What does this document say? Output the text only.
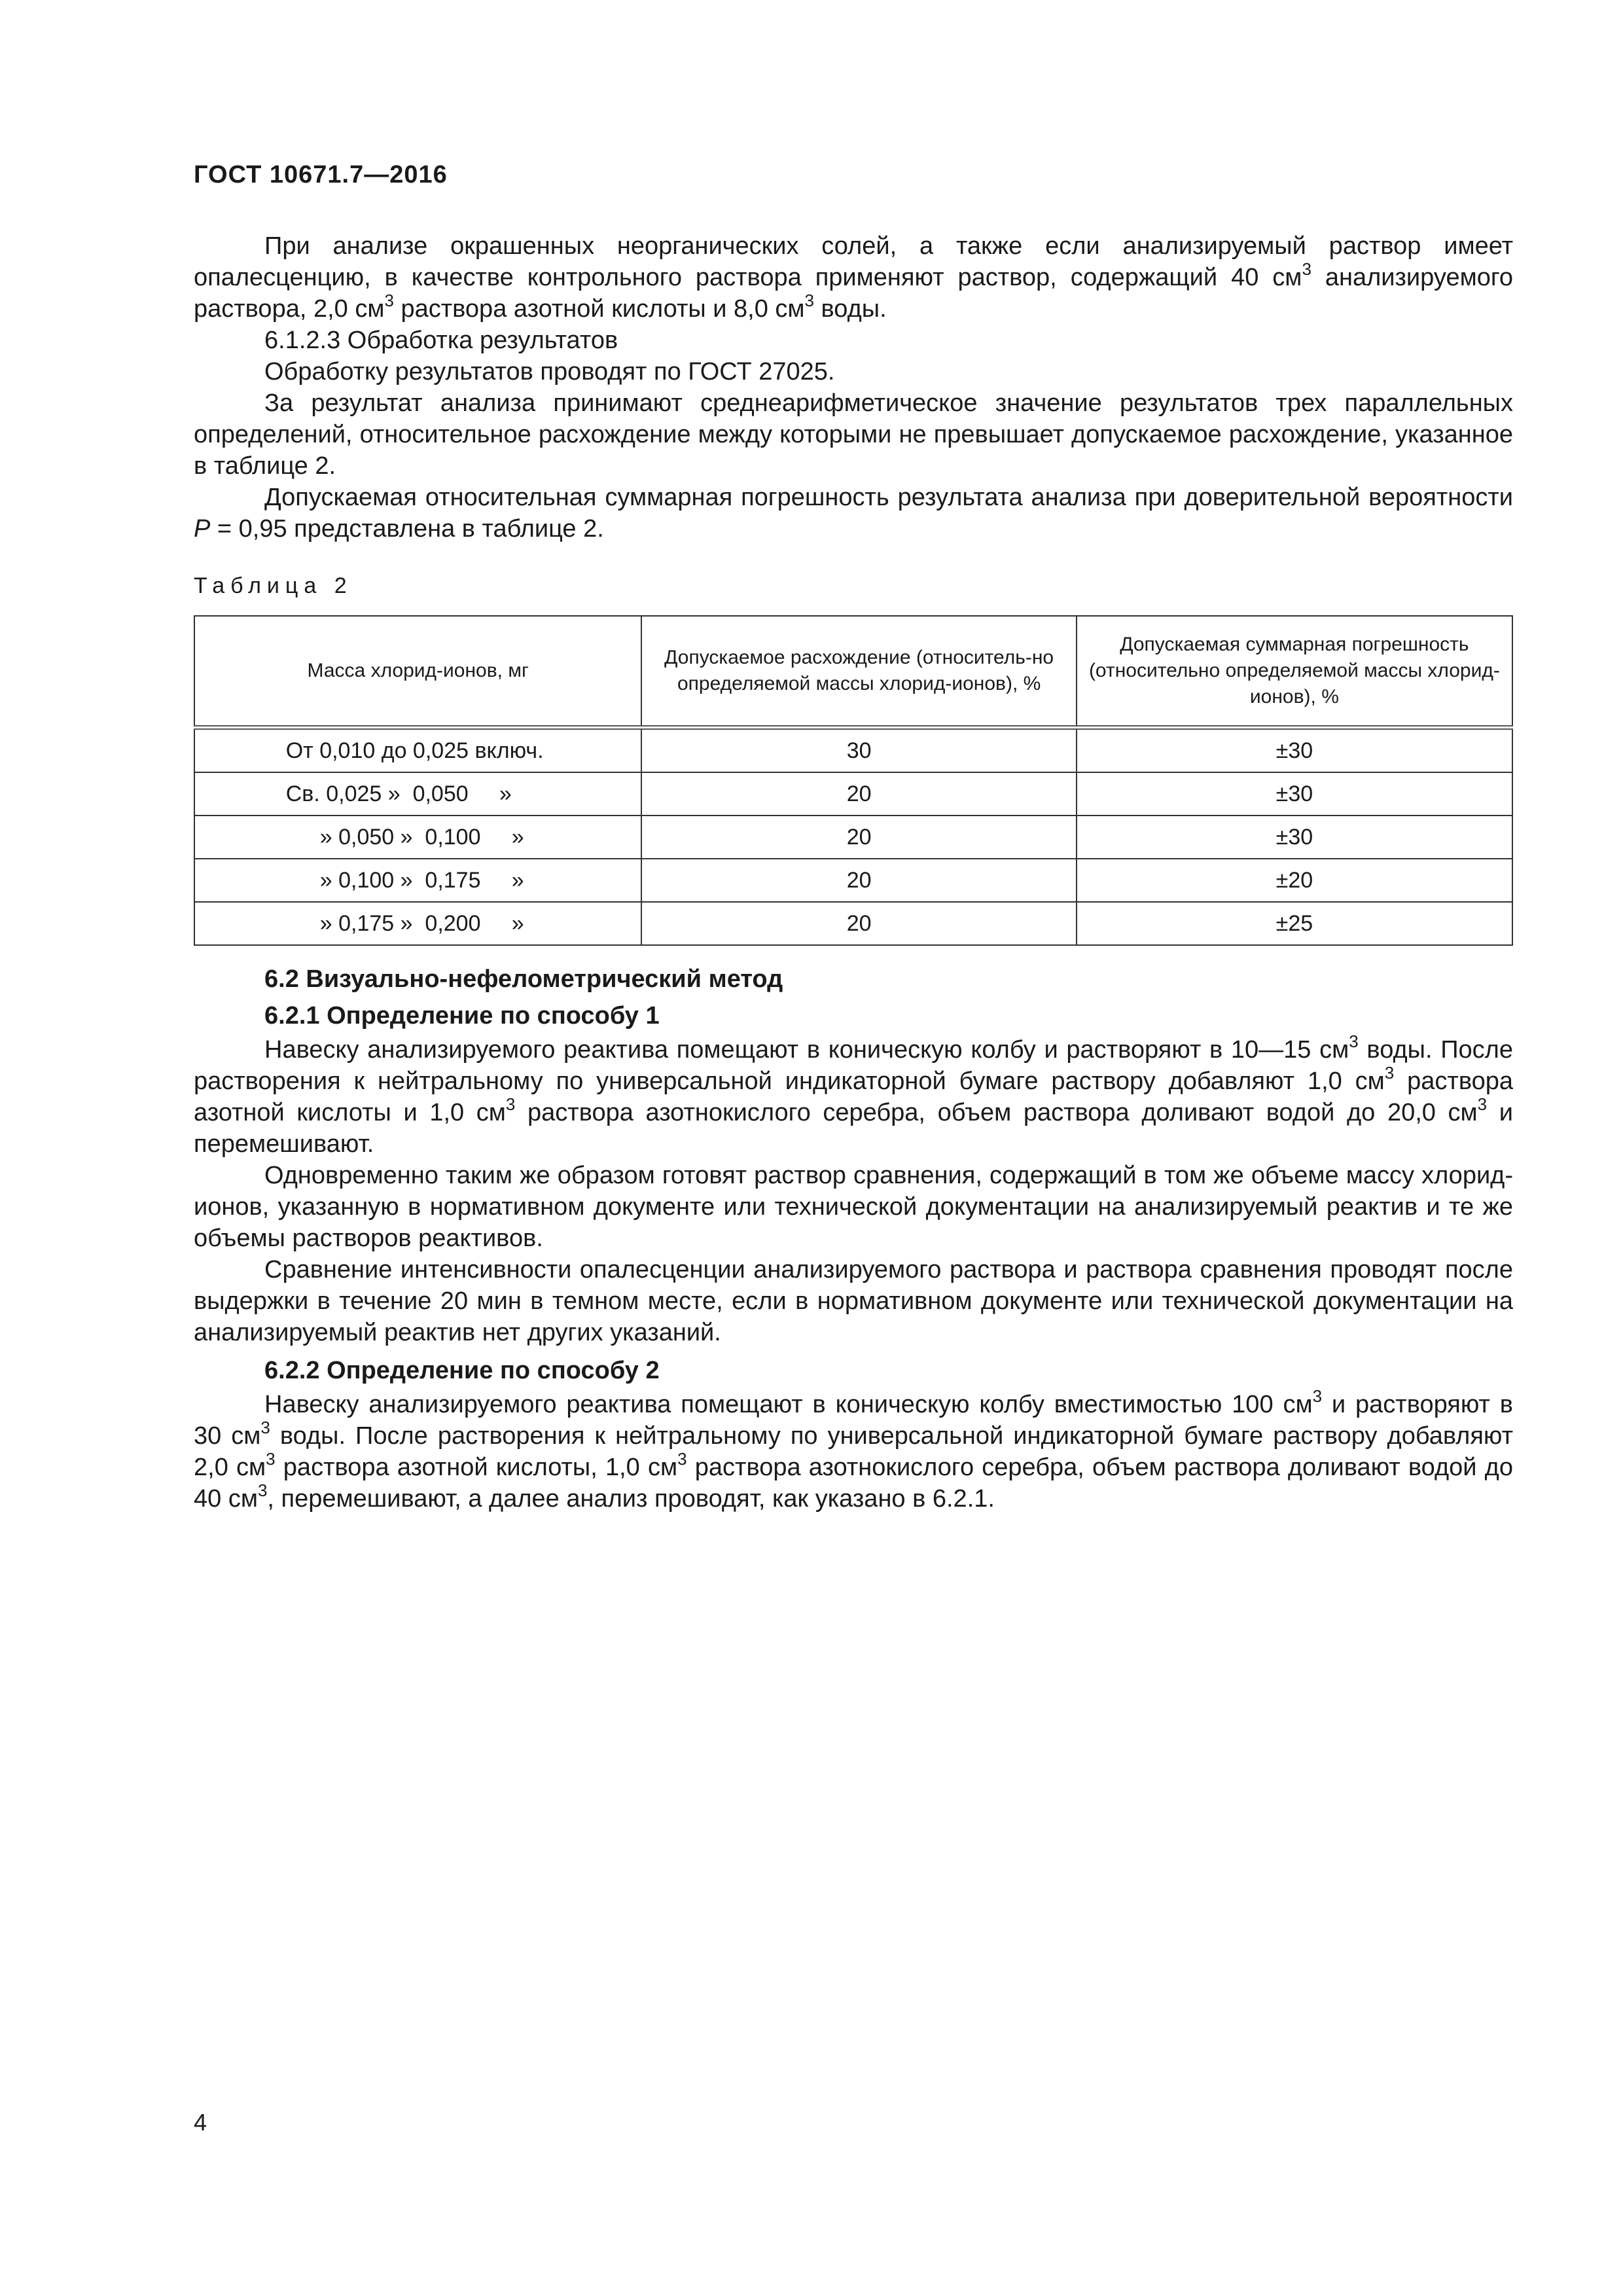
ГОСТ 10671.7—2016

При анализе окрашенных неорганических солей, а также если анализируемый раствор имеет опалесценцию, в качестве контрольного раствора применяют раствор, содержащий 40 $см^3$ анализируемого раствора, 2,0 $см^3$ раствора азотной кислоты и 8,0 $см^3$ воды.

6.1.2.3 Обработка результатов

Обработку результатов проводят по ГОСТ 27025.

За результат анализа принимают среднеарифметическое значение результатов трех параллельных определений, относительное расхождение между которыми не превышает допускаемое расхождение, указанное в таблице 2.

Допускаемая относительная суммарная погрешность результата анализа при доверительной вероятности P = 0,95 представлена в таблице 2.

Таблица 2
Масса хлорид-ионов, мг	Допускаемое расхождение (относитель-но определяемой массы хлорид-ионов), %	Допускаемая суммарная погрешность (относительно определяемой массы хлорид-ионов), %
От 0,010 до 0,025 включ.	30	±30
Св. 0,025 »  0,050     »	20	±30
» 0,050 »  0,100     »	20	±30
» 0,100 »  0,175     »	20	±20
» 0,175 »  0,200     »	20	±25
6.2 Визуально-нефелометрический метод
6.2.1 Определение по способу 1

Навеску анализируемого реактива помещают в коническую колбу и растворяют в 10—15 $см^3$ воды. После растворения к нейтральному по универсальной индикаторной бумаге раствору добавляют 1,0 $см^3$ раствора азотной кислоты и 1,0 $см^3$ раствора азотнокислого серебра, объем раствора доливают водой до 20,0 $см^3$ и перемешивают.

Одновременно таким же образом готовят раствор сравнения, содержащий в том же объеме массу хлорид-ионов, указанную в нормативном документе или технической документации на анализируемый реактив и те же объемы растворов реактивов.

Сравнение интенсивности опалесценции анализируемого раствора и раствора сравнения проводят после выдержки в течение 20 мин в темном месте, если в нормативном документе или технической документации на анализируемый реактив нет других указаний.

6.2.2 Определение по способу 2

Навеску анализируемого реактива помещают в коническую колбу вместимостью 100 $см^3$ и растворяют в 30 $см^3$ воды. После растворения к нейтральному по универсальной индикаторной бумаге раствору добавляют 2,0 $см^3$ раствора азотной кислоты, 1,0 $см^3$ раствора азотнокислого серебра, объем раствора доливают водой до 40 $см^3$, перемешивают, а далее анализ проводят, как указано в 6.2.1.

4
